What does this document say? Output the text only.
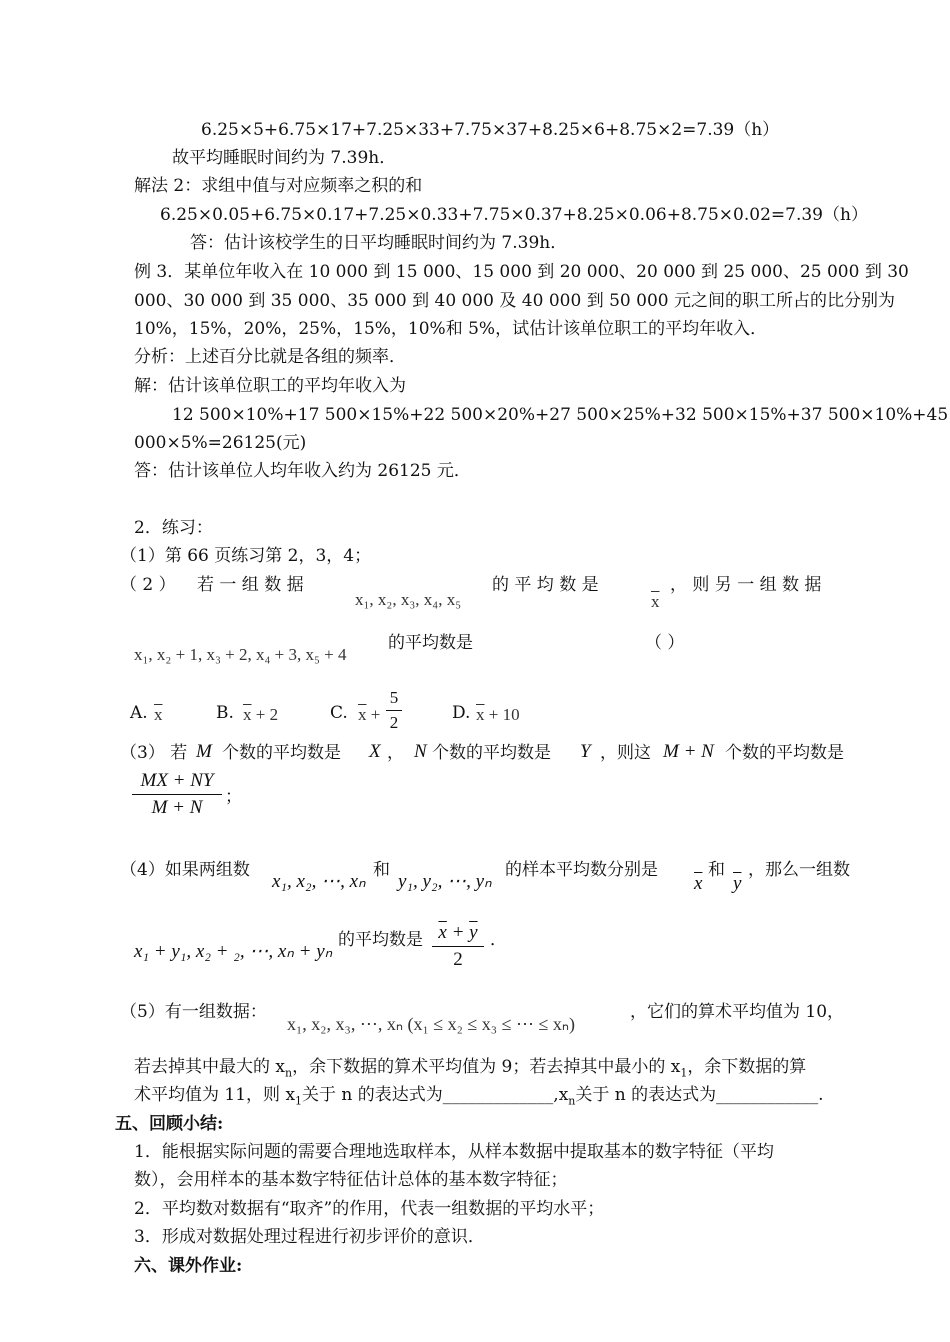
6.25×5+6.75×17+7.25×33+7.75×37+8.25×6+8.75×2=7.39（h）
故平均睡眠时间约为 7.39h．
解法 2：求组中值与对应频率之积的和
6.25×0.05+6.75×0.17+7.25×0.33+7.75×0.37+8.25×0.06+8.75×0.02=7.39（h）
答：估计该校学生的日平均睡眠时间约为 7.39h．
例 3．某单位年收入在 10 000 到 15 000、15 000 到 20 000、20 000 到 25 000、25 000 到 30
000、30 000 到 35 000、35 000 到 40 000 及 40 000 到 50 000 元之间的职工所占的比分别为
10%，15%，20%，25%，15%，10%和 5%，试估计该单位职工的平均年收入．
分析：上述百分比就是各组的频率．
解：估计该单位职工的平均年收入为
12 500×10%+17 500×15%+22 500×20%+27 500×25%+32 500×15%+37 500×10%+45
000×5%=26125(元)
答：估计该单位人均年收入约为 26125 元．
2．练习：
（1）第 66 页练习第 2，3，4；
（ 2 ） 若 一 组 数 据
x₁, x₂, x₃, x₄, x₅
的 平 均 数 是
$\overline{x}$
， 则 另 一 组 数 据
x₁, x₂ + 1, x₃ + 2, x₄ + 3, x₅ + 4
的平均数是	（ ）
A. $\overline{x}$	B. $\overline{x} + 2$	C. $\overline{x}$ +
5
2	D. $\overline{x} + 10$
（3） 若 M 个数的平均数是 X ， N 个数的平均数是 Y ，则这 M + N 个数的平均数是
MX + NY
M + N	；
（4）如果两组数
x₁, x₂, ⋯, xₙ
和
y₁, y₂, ⋯, yₙ
的样本平均数分别是
$\overline{x}$
和
$\overline{y}$
，那么一组数
x₁ + y₁, x₂ + ₂, ⋯, xₙ + yₙ
的平均数是 $\overline{x} + \overline{y}$
2
．
（5）有一组数据：
x₁, x₂, x₃, ⋯, xₙ (x₁ ≤ x₂ ≤ x₃ ≤ ⋯ ≤ xₙ)
，它们的算术平均值为 10，
若去掉其中最大的 $x_n$，余下数据的算术平均值为 9；若去掉其中最小的 $x_1$，余下数据的算
术平均值为 11，则 $x_1$关于 n 的表达式为$\_\_\_\_\_\_\_\_\_\_\_\_\_,x_n$关于 n 的表达式为____________.
五、回顾小结:
1．能根据实际问题的需要合理地选取样本，从样本数据中提取基本的数字特征（平均
数），会用样本的基本数字特征估计总体的基本数字特征；
2．平均数对数据有“取齐”的作用，代表一组数据的平均水平；
3．形成对数据处理过程进行初步评价的意识．
六、课外作业:
